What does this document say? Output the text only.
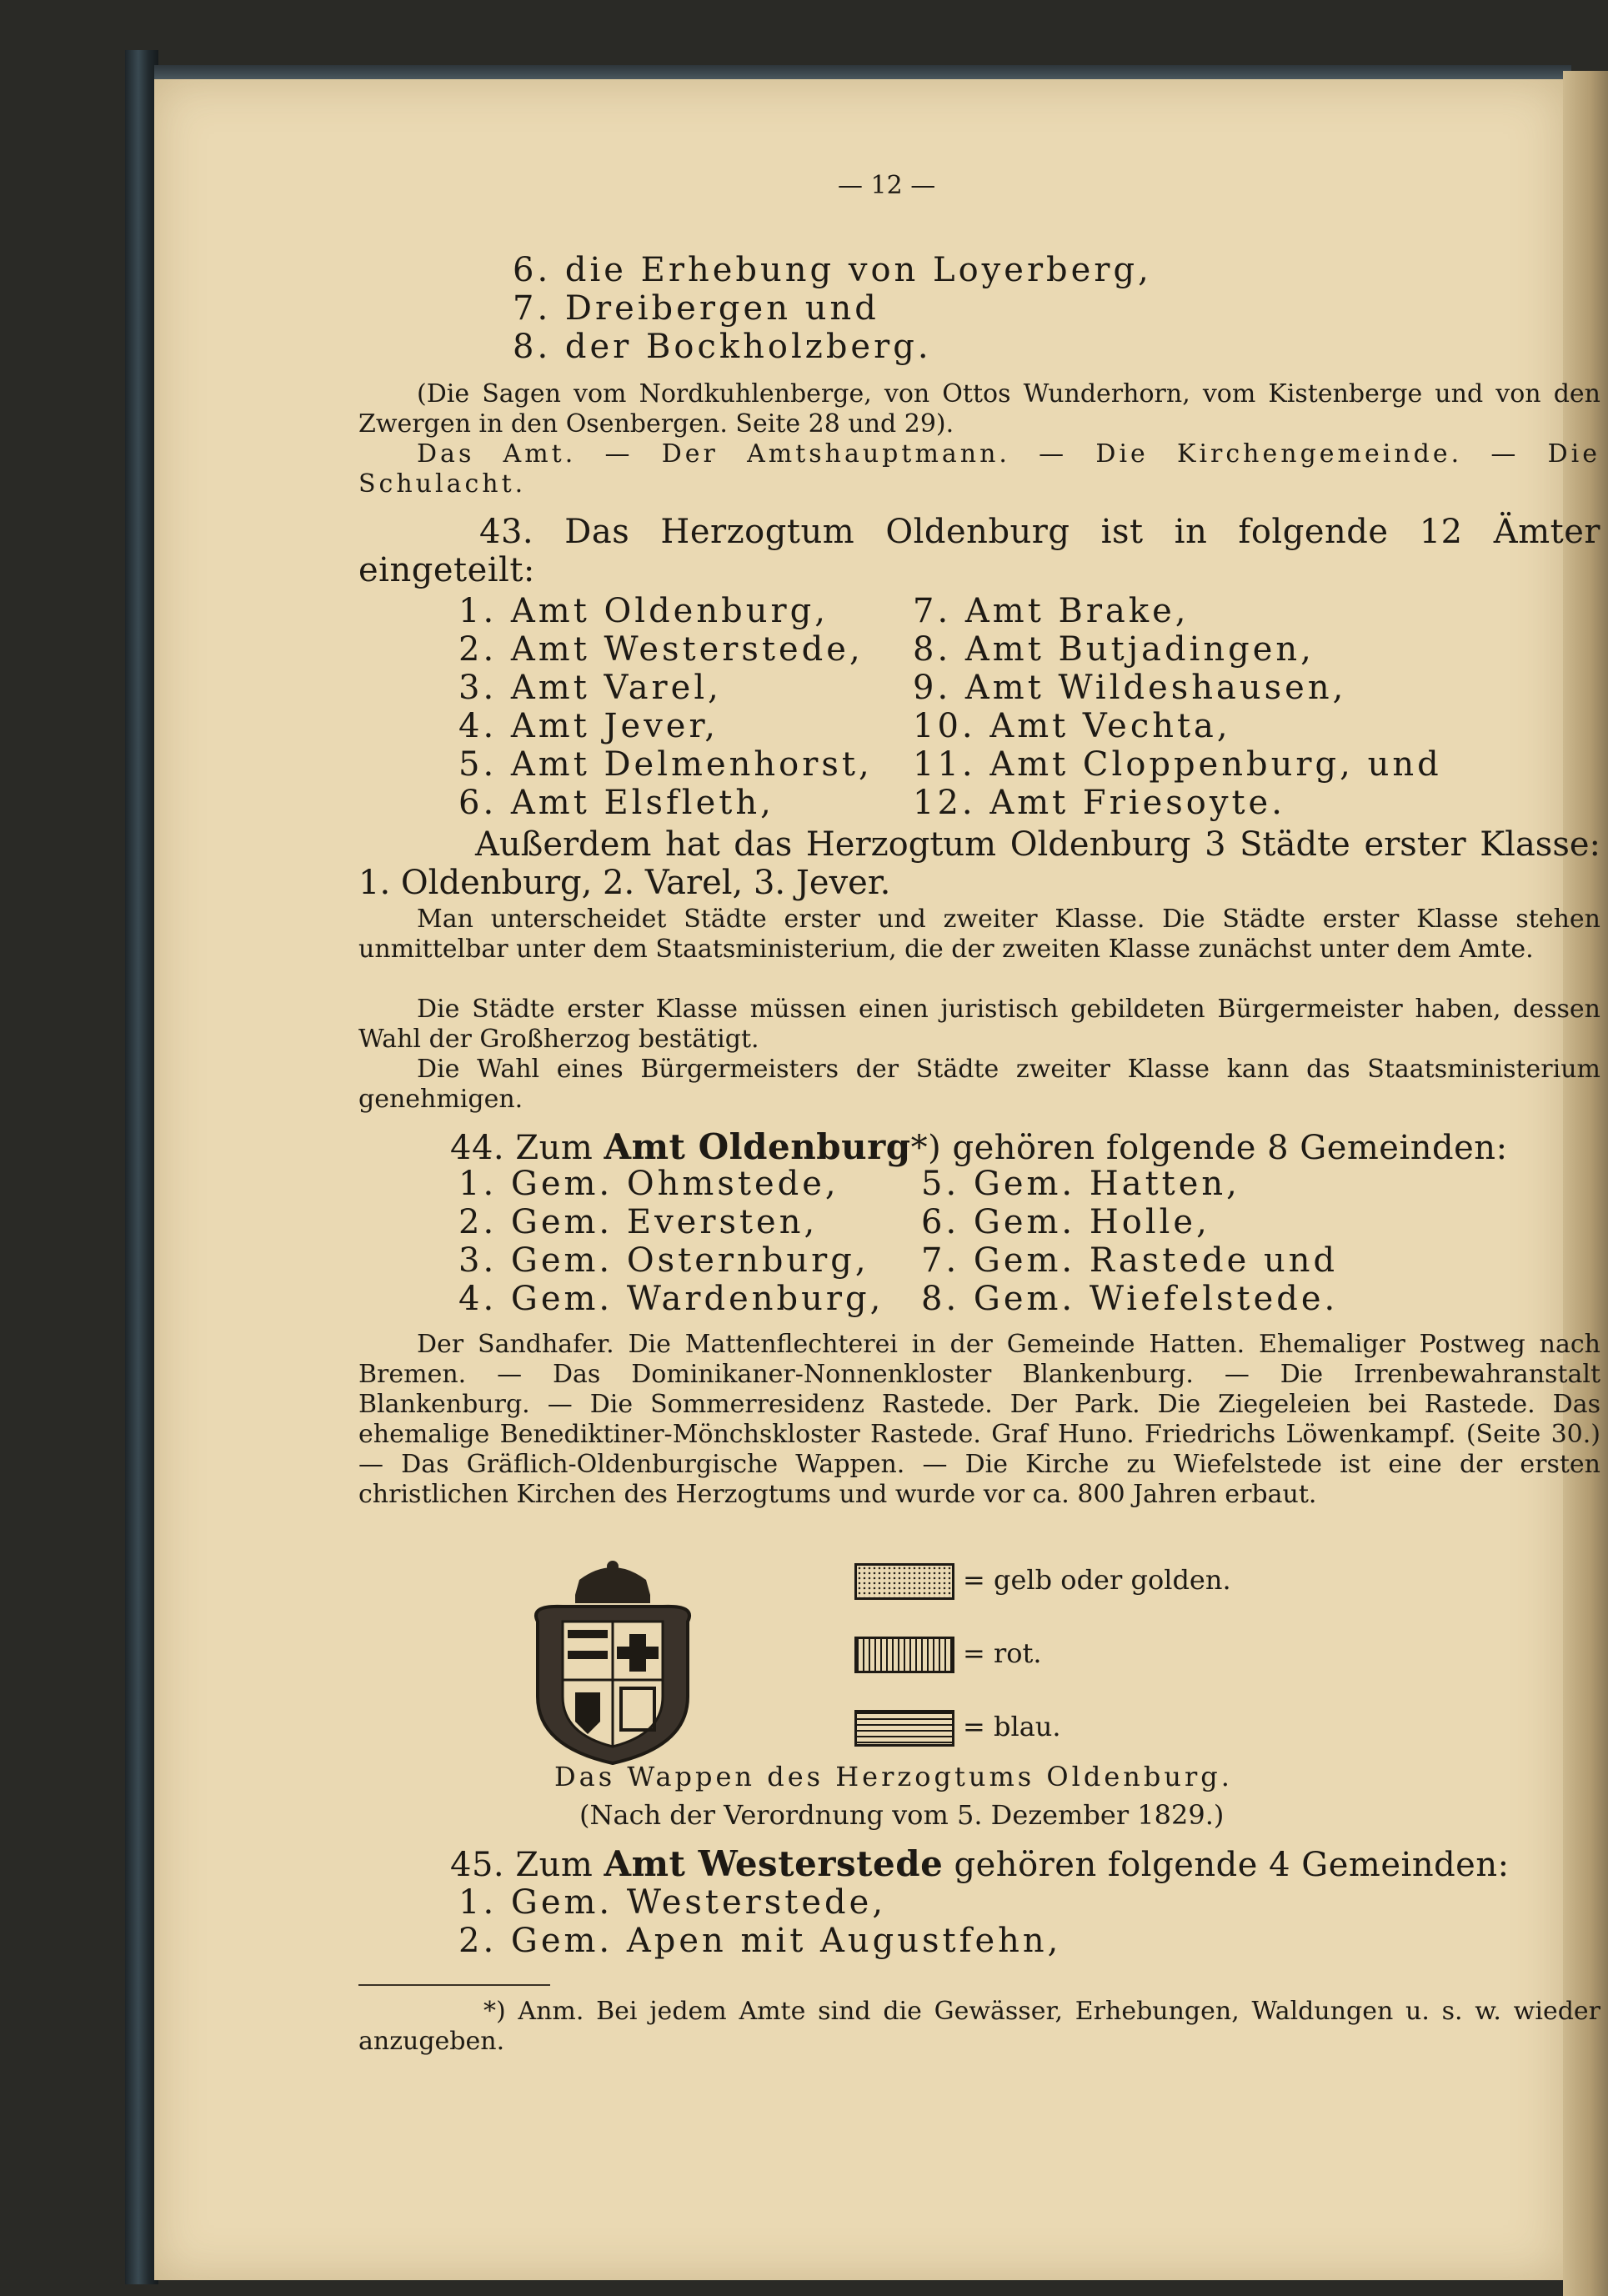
— 12 —
6. die Erhebung von Loyerberg,
7. Dreibergen und
8. der Bockholzberg.
(Die Sagen vom Nordkuhlenberge, von Ottos Wunderhorn, vom Kistenberge und von den Zwergen in den Osenbergen. Seite 28 und 29).
Das Amt. — Der Amtshauptmann. — Die Kirchengemeinde. — Die Schulacht.
43. Das Herzogtum Oldenburg ist in folgende 12 Ämter eingeteilt:
1. Amt Oldenburg,
2. Amt Westerstede,
3. Amt Varel,
4. Amt Jever,
5. Amt Delmenhorst,
6. Amt Elsfleth,
7. Amt Brake,
8. Amt Butjadingen,
9. Amt Wildeshausen,
10. Amt Vechta,
11. Amt Cloppenburg, und
12. Amt Friesoyte.
Außerdem hat das Herzogtum Oldenburg 3 Städte erster Klasse: 1. Oldenburg, 2. Varel, 3. Jever.
Man unterscheidet Städte erster und zweiter Klasse. Die Städte erster Klasse stehen unmittelbar unter dem Staatsministerium, die der zweiten Klasse zunächst unter dem Amte.
Die Städte erster Klasse müssen einen juristisch gebildeten Bürgermeister haben, dessen Wahl der Großherzog bestätigt.
Die Wahl eines Bürgermeisters der Städte zweiter Klasse kann das Staatsministerium genehmigen.
44. Zum Amt Oldenburg*) gehören folgende 8 Gemeinden:
1. Gem. Ohmstede,
2. Gem. Eversten,
3. Gem. Osternburg,
4. Gem. Wardenburg,
5. Gem. Hatten,
6. Gem. Holle,
7. Gem. Rastede und
8. Gem. Wiefelstede.
Der Sandhafer. Die Mattenflechterei in der Gemeinde Hatten. Ehemaliger Postweg nach Bremen. — Das Dominikaner-Nonnenkloster Blankenburg. — Die Irrenbewahranstalt Blankenburg. — Die Sommerresidenz Rastede. Der Park. Die Ziegeleien bei Rastede. Das ehemalige Benediktiner-Mönchskloster Rastede. Graf Huno. Friedrichs Löwenkampf. (Seite 30.) — Das Gräflich-Oldenburgische Wappen. — Die Kirche zu Wiefelstede ist eine der ersten christlichen Kirchen des Herzogtums und wurde vor ca. 800 Jahren erbaut.
= gelb oder golden.
= rot.
= blau.
Das Wappen des Herzogtums Oldenburg.
(Nach der Verordnung vom 5. Dezember 1829.)
45. Zum Amt Westerstede gehören folgende 4 Gemeinden:
1. Gem. Westerstede,
2. Gem. Apen mit Augustfehn,
*) Anm. Bei jedem Amte sind die Gewässer, Erhebungen, Waldungen u. s. w. wieder anzugeben.
